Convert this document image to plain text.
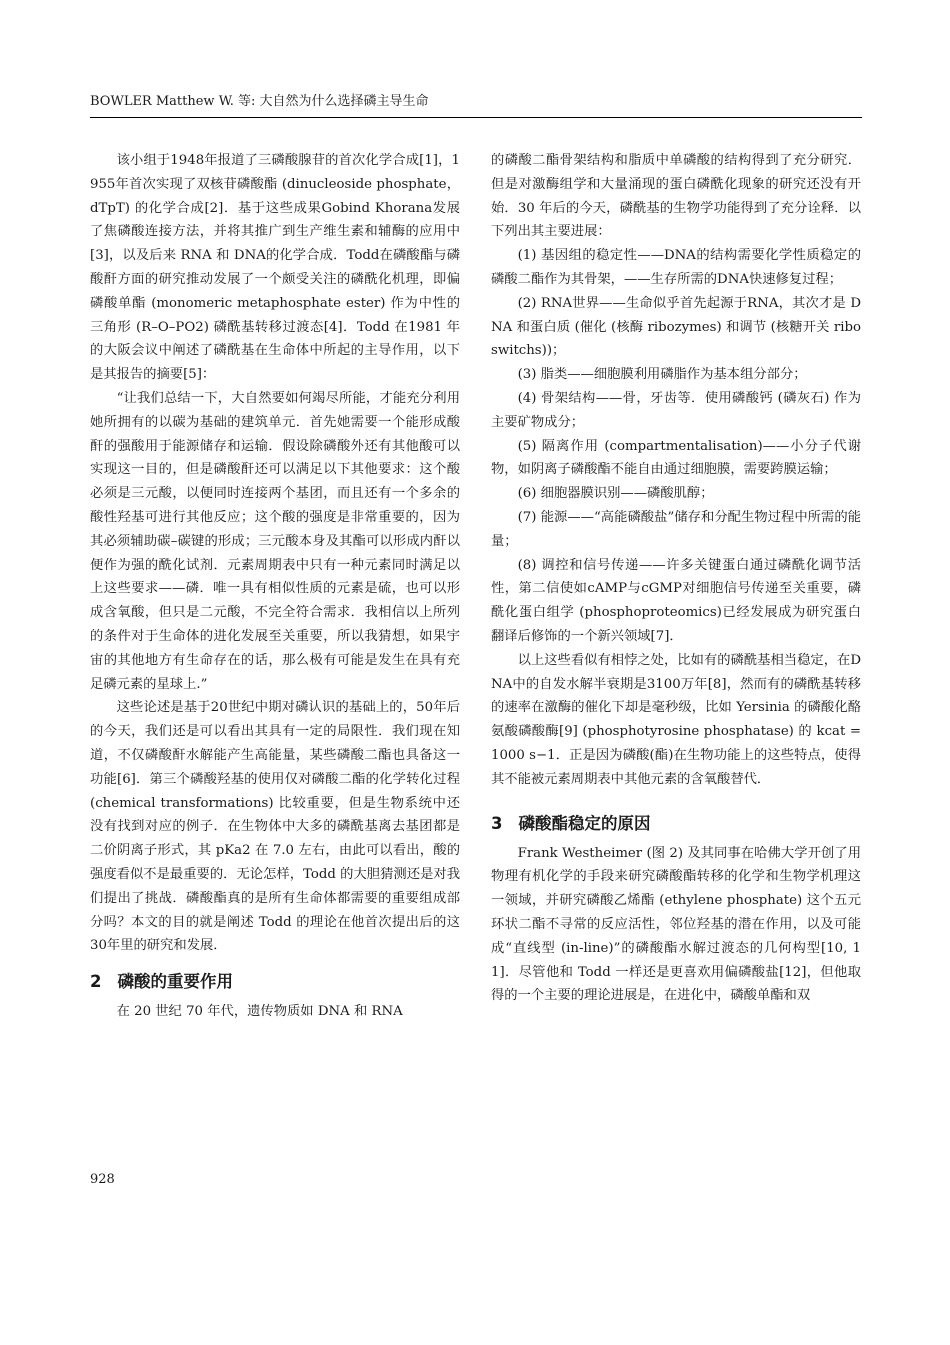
BOWLER Matthew W. 等: 大自然为什么选择磷主导生命

该小组于1948年报道了三磷酸腺苷的首次化学合成[1]，1955年首次实现了双核苷磷酸酯 (dinucleoside phosphate，dTpT) 的化学合成[2]．基于这些成果Gobind Khorana发展了焦磷酸连接方法，并将其推广到生产维生素和辅酶的应用中[3]，以及后来 RNA 和 DNA的化学合成．Todd在磷酸酯与磷酸酐方面的研究推动发展了一个颇受关注的磷酰化机理，即偏磷酸单酯 (monomeric metaphosphate ester) 作为中性的三角形 (R–O–PO2) 磷酰基转移过渡态[4]．Todd 在1981 年的大阪会议中阐述了磷酰基在生命体中所起的主导作用，以下是其报告的摘要[5]：

“让我们总结一下，大自然要如何竭尽所能，才能充分利用她所拥有的以碳为基础的建筑单元．首先她需要一个能形成酸酐的强酸用于能源储存和运输．假设除磷酸外还有其他酸可以实现这一目的，但是磷酸酐还可以满足以下其他要求：这个酸必须是三元酸，以便同时连接两个基团，而且还有一个多余的酸性羟基可进行其他反应；这个酸的强度是非常重要的，因为其必须辅助碳–碳键的形成；三元酸本身及其酯可以形成内酐以便作为强的酰化试剂．元素周期表中只有一种元素同时满足以上这些要求——磷．唯一具有相似性质的元素是硫，也可以形成含氧酸，但只是二元酸，不完全符合需求．我相信以上所列的条件对于生命体的进化发展至关重要，所以我猜想，如果宇宙的其他地方有生命存在的话，那么极有可能是发生在具有充足磷元素的星球上.”

这些论述是基于20世纪中期对磷认识的基础上的，50年后的今天，我们还是可以看出其具有一定的局限性．我们现在知道，不仅磷酸酐水解能产生高能量，某些磷酸二酯也具备这一功能[6]．第三个磷酸羟基的使用仅对磷酸二酯的化学转化过程 (chemical transformations) 比较重要，但是生物系统中还没有找到对应的例子．在生物体中大多的磷酰基离去基团都是二价阴离子形式，其 pKa2 在 7.0 左右，由此可以看出，酸的强度看似不是最重要的．无论怎样，Todd 的大胆猜测还是对我们提出了挑战．磷酸酯真的是所有生命体都需要的重要组成部分吗？本文的目的就是阐述 Todd 的理论在他首次提出后的这 30年里的研究和发展．

2 磷酸的重要作用

在 20 世纪 70 年代，遗传物质如 DNA 和 RNA

的磷酸二酯骨架结构和脂质中单磷酸的结构得到了充分研究．但是对激酶组学和大量涌现的蛋白磷酰化现象的研究还没有开始．30 年后的今天，磷酰基的生物学功能得到了充分诠释．以下列出其主要进展：

(1) 基因组的稳定性——DNA的结构需要化学性质稳定的磷酸二酯作为其骨架，——生存所需的DNA快速修复过程；

(2) RNA世界——生命似乎首先起源于RNA，其次才是 DNA 和蛋白质 (催化 (核酶 ribozymes) 和调节 (核糖开关 riboswitchs))；

(3) 脂类——细胞膜利用磷脂作为基本组分部分；

(4) 骨架结构——骨，牙齿等．使用磷酸钙 (磷灰石) 作为主要矿物成分；

(5) 隔离作用 (compartmentalisation)——小分子代谢物，如阴离子磷酸酯不能自由通过细胞膜，需要跨膜运输；

(6) 细胞器膜识别——磷酸肌醇；

(7) 能源——“高能磷酸盐”储存和分配生物过程中所需的能量；

(8) 调控和信号传递——许多关键蛋白通过磷酰化调节活性，第二信使如cAMP与cGMP对细胞信号传递至关重要，磷酰化蛋白组学 (phosphoproteomics)已经发展成为研究蛋白翻译后修饰的一个新兴领域[7]．

以上这些看似有相悖之处，比如有的磷酰基相当稳定，在DNA中的自发水解半衰期是3100万年[8]，然而有的磷酰基转移的速率在激酶的催化下却是毫秒级，比如 Yersinia 的磷酸化酪氨酸磷酸酶[9] (phosphotyrosine phosphatase) 的 kcat = 1000 s−1．正是因为磷酸(酯)在生物功能上的这些特点，使得其不能被元素周期表中其他元素的含氧酸替代．

3 磷酸酯稳定的原因

Frank Westheimer (图 2) 及其同事在哈佛大学开创了用物理有机化学的手段来研究磷酸酯转移的化学和生物学机理这一领域，并研究磷酸乙烯酯 (ethylene phosphate) 这个五元环状二酯不寻常的反应活性，邻位羟基的潜在作用，以及可能成“直线型 (in-line)”的磷酸酯水解过渡态的几何构型[10, 11]．尽管他和 Todd 一样还是更喜欢用偏磷酸盐[12]，但他取得的一个主要的理论进展是，在进化中，磷酸单酯和双

928
